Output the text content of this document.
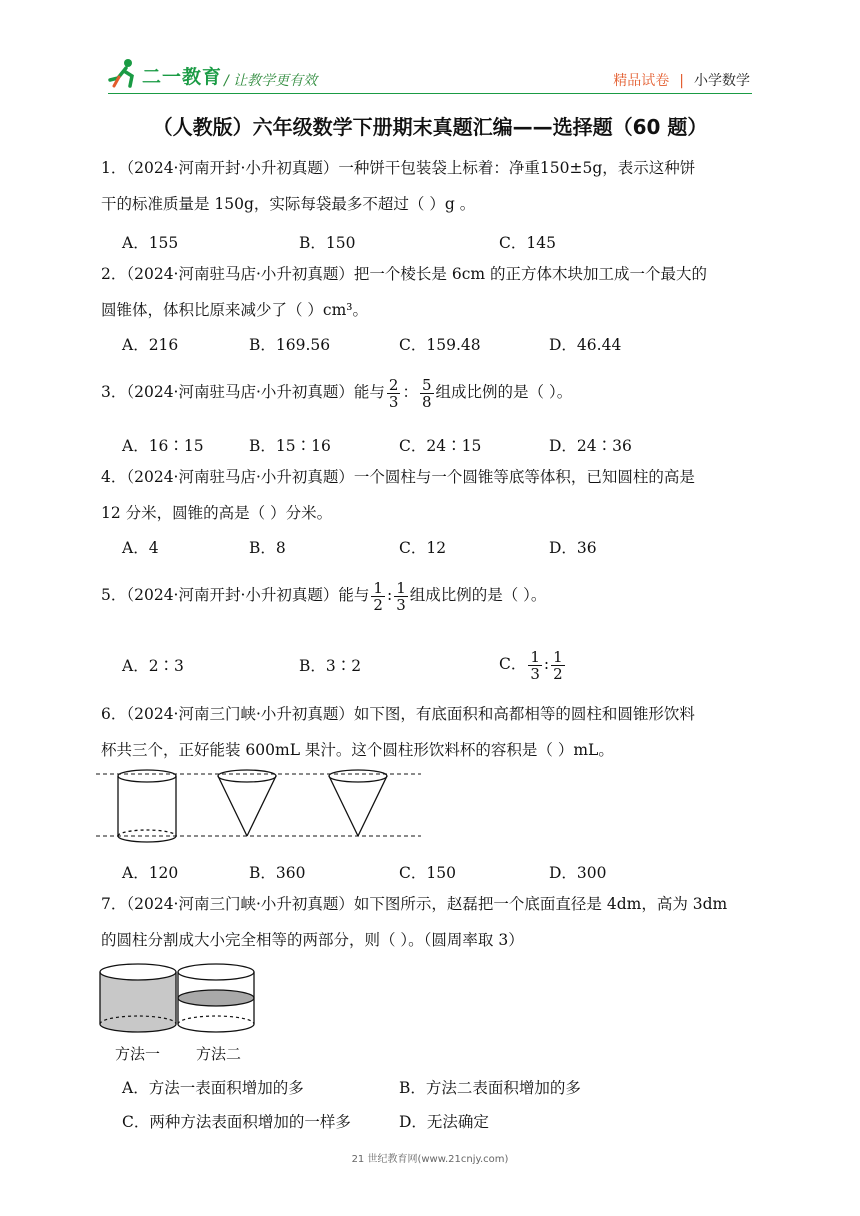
二一教育 / 让教学更有效	精品试卷 | 小学数学
（人教版）六年级数学下册期末真题汇编——选择题（60 题）
1．（2024·河南开封·小升初真题）一种饼干包装袋上标着：净重150±5g，表示这种饼
干的标准质量是 150g，实际每袋最多不超过（ ）g 。
A．155	B．150	C．145
2．（2024·河南驻马店·小升初真题）把一个棱长是 6cm 的正方体木块加工成一个最大的
圆锥体，体积比原来减少了（ ）cm³。
A．216	B．169.56	C．159.48	D．46.44
3．（2024·河南驻马店·小升初真题）能与 $\frac{2}{3}$ ： $\frac{5}{8}$ 组成比例的是（ ）。
A．16∶15	B．15∶16	C．24∶15	D．24∶36
4．（2024·河南驻马店·小升初真题）一个圆柱与一个圆锥等底等体积，已知圆柱的高是
12 分米，圆锥的高是（ ）分米。
A．4	B．8	C．12	D．36
5．（2024·河南开封·小升初真题）能与 $\frac{1}{2}$ : $\frac{1}{3}$ 组成比例的是（ ）。
A．2∶3	B．3∶2	C． $\frac{1}{3}$ : $\frac{1}{2}$
6．（2024·河南三门峡·小升初真题）如下图，有底面积和高都相等的圆柱和圆锥形饮料
杯共三个，正好能装 600mL 果汁。这个圆柱形饮料杯的容积是（ ）mL。
A．120	B．360	C．150	D．300
7．（2024·河南三门峡·小升初真题）如下图所示，赵磊把一个底面直径是 4dm，高为 3dm
的圆柱分割成大小完全相等的两部分，则（ ）。（圆周率取 3）
方法一 方法二
A．方法一表面积增加的多	B．方法二表面积增加的多
C．两种方法表面积增加的一样多	D．无法确定
21 世纪教育网(www.21cnjy.com)
